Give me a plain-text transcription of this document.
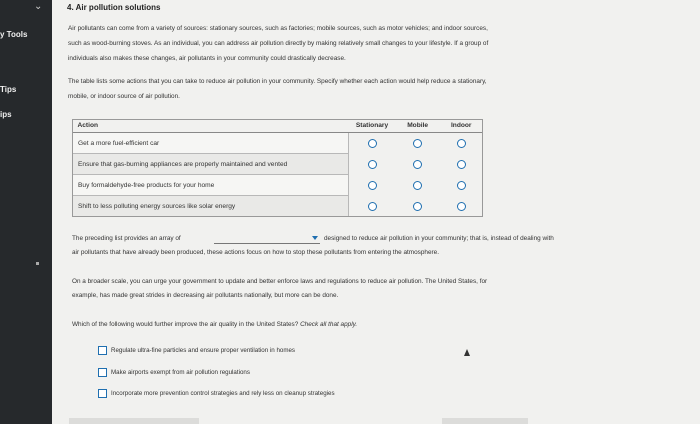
⌄
y Tools
Tips
ips
4. Air pollution solutions
Air pollutants can come from a variety of sources: stationary sources, such as factories; mobile sources, such as motor vehicles; and indoor sources,
such as wood-burning stoves. As an individual, you can address air pollution directly by making relatively small changes to your lifestyle. If a group of
individuals also makes these changes, air pollutants in your community could drastically decrease.
The table lists some actions that you can take to reduce air pollution in your community. Specify whether each action would help reduce a stationary,
mobile, or indoor source of air pollution.
Action	Stationary	Mobile	Indoor
Get a more fuel-efficient car			
Ensure that gas-burning appliances are properly maintained and vented			
Buy formaldehyde-free products for your home			
Shift to less polluting energy sources like solar energy			
The preceding list provides an array of	designed to reduce air pollution in your community; that is, instead of dealing with
air pollutants that have already been produced, these actions focus on how to stop these pollutants from entering the atmosphere.
On a broader scale, you can urge your government to update and better enforce laws and regulations to reduce air pollution. The United States, for
example, has made great strides in decreasing air pollutants nationally, but more can be done.
Which of the following would further improve the air quality in the United States? Check all that apply.
Regulate ultra-fine particles and ensure proper ventilation in homes
Make airports exempt from air pollution regulations
Incorporate more prevention control strategies and rely less on cleanup strategies
